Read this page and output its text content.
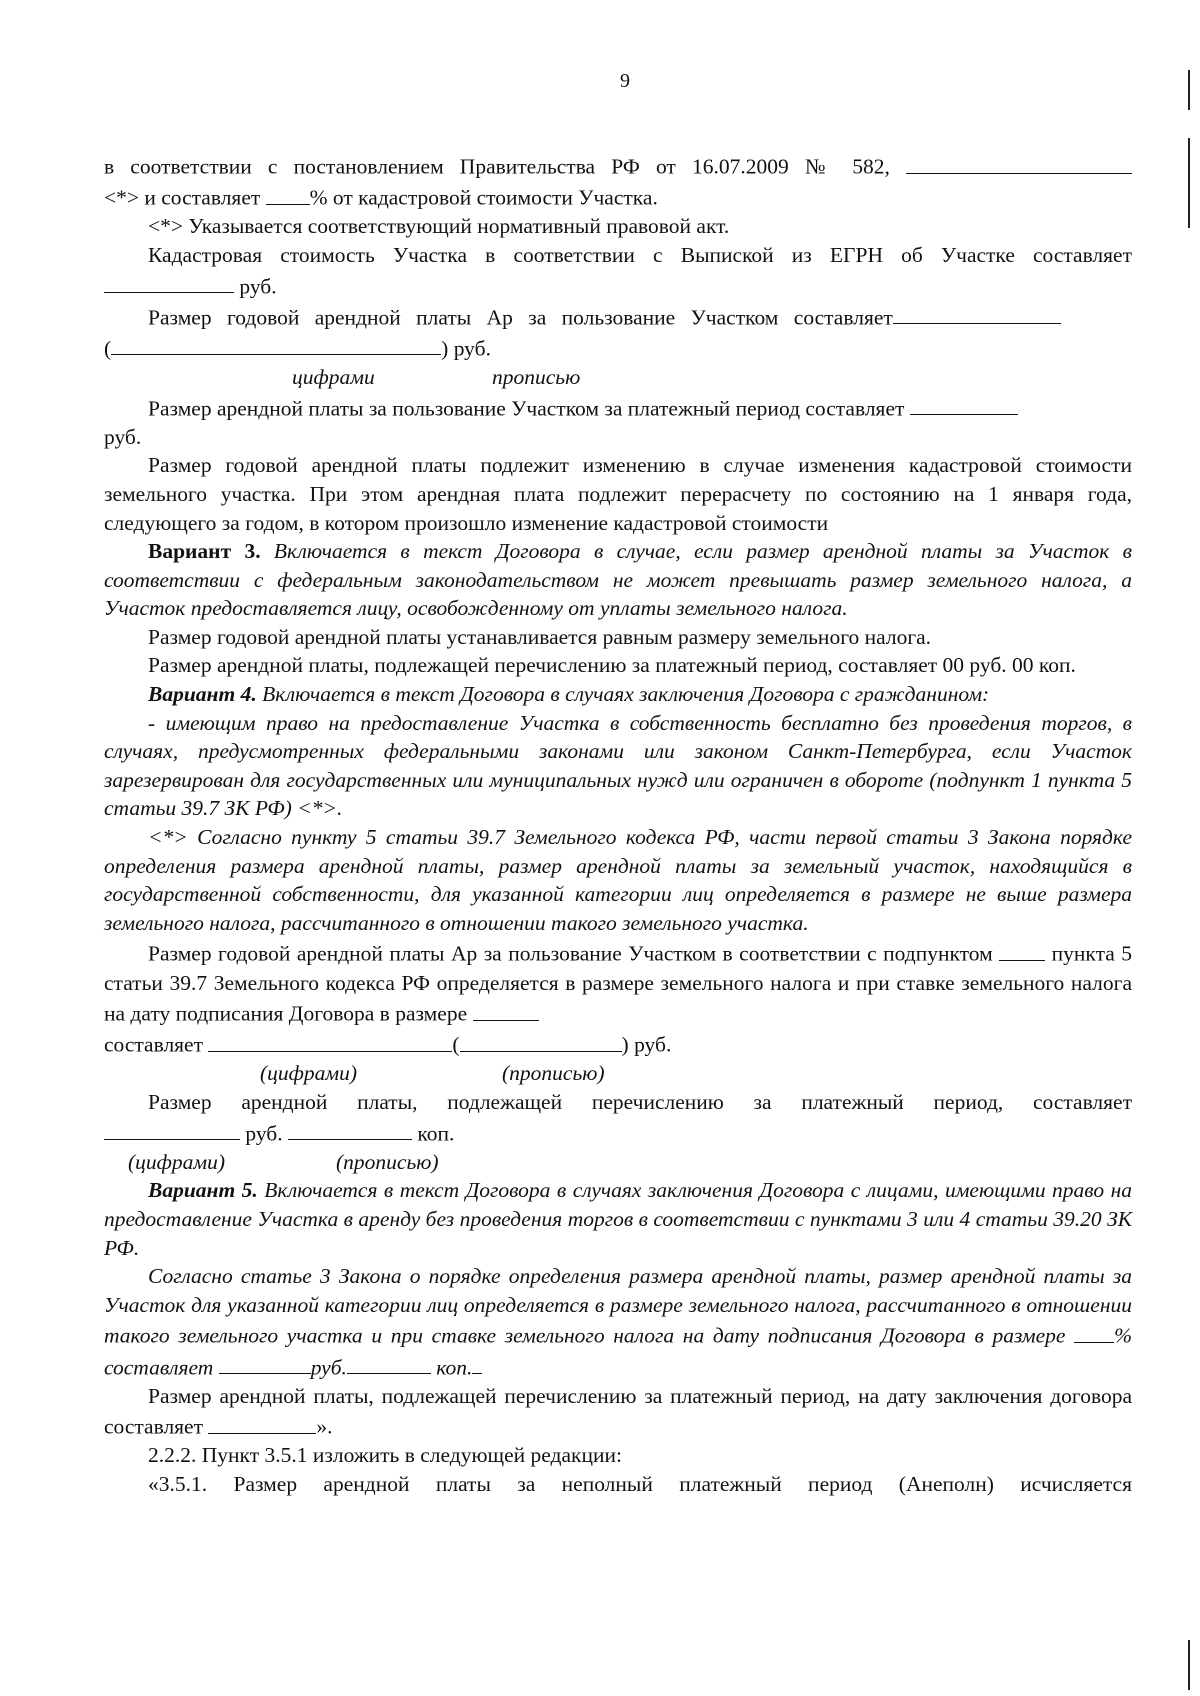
9

в соответствии с постановлением Правительства РФ от 16.07.2009 № 582,

<*> и составляет % от кадастровой стоимости Участка.

<*> Указывается соответствующий нормативный правовой акт.

Кадастровая стоимость Участка в соответствии с Выпиской из ЕГРН об Участке составляет

руб.

Размер годовой арендной платы Ар за пользование Участком составляет

(	) руб.

цифрами	прописью

Размер арендной платы за пользование Участком за платежный период составляет

руб.

Размер годовой арендной платы подлежит изменению в случае изменения кадастровой стоимости земельного участка. При этом арендная плата подлежит перерасчету по состоянию на 1 января года, следующего за годом, в котором произошло изменение кадастровой стоимости

Вариант 3. Включается в текст Договора в случае, если размер арендной платы за Участок в соответствии с федеральным законодательством не может превышать размер земельного налога, а Участок предоставляется лицу, освобожденному от уплаты земельного налога.

Размер годовой арендной платы устанавливается равным размеру земельного налога.

Размер арендной платы, подлежащей перечислению за платежный период, составляет 00 руб. 00 коп.

Вариант 4. Включается в текст Договора в случаях заключения Договора с гражданином:

- имеющим право на предоставление Участка в собственность бесплатно без проведения торгов, в случаях, предусмотренных федеральными законами или законом Санкт-Петербурга, если Участок зарезервирован для государственных или муниципальных нужд или ограничен в обороте (подпункт 1 пункта 5 статьи 39.7 ЗК РФ) <*>.

<*> Согласно пункту 5 статьи 39.7 Земельного кодекса РФ, части первой статьи 3 Закона порядке определения размера арендной платы, размер арендной платы за земельный участок, находящийся в государственной собственности, для указанной категории лиц определяется в размере не выше размера земельного налога, рассчитанного в отношении такого земельного участка.

Размер годовой арендной платы Ар за пользование Участком в соответствии с подпунктом	пункта 5 статьи 39.7 Земельного кодекса РФ определяется в размере земельного налога и при ставке земельного налога на дату подписания Договора в размере

составляет	(	) руб.

(цифрами)	(прописью)

Размер арендной платы, подлежащей перечислению за платежный период, составляет

руб.	коп.

(цифрами)	(прописью)

Вариант 5. Включается в текст Договора в случаях заключения Договора с лицами, имеющими право на предоставление Участка в аренду без проведения торгов в соответствии с пунктами 3 или 4 статьи 39.20 ЗК РФ.

Согласно статье 3 Закона о порядке определения размера арендной платы, размер арендной платы за Участок для указанной категории лиц определяется в размере земельного налога, рассчитанного в отношении такого земельного участка и при ставке земельного налога на дату подписания Договора в размере % составляет	руб.	коп.

Размер арендной платы, подлежащей перечислению за платежный период, на дату заключения договора составляет	».

2.2.2. Пункт 3.5.1 изложить в следующей редакции:

«3.5.1. Размер арендной платы за неполный платежный период (Анеполн) исчисляется
